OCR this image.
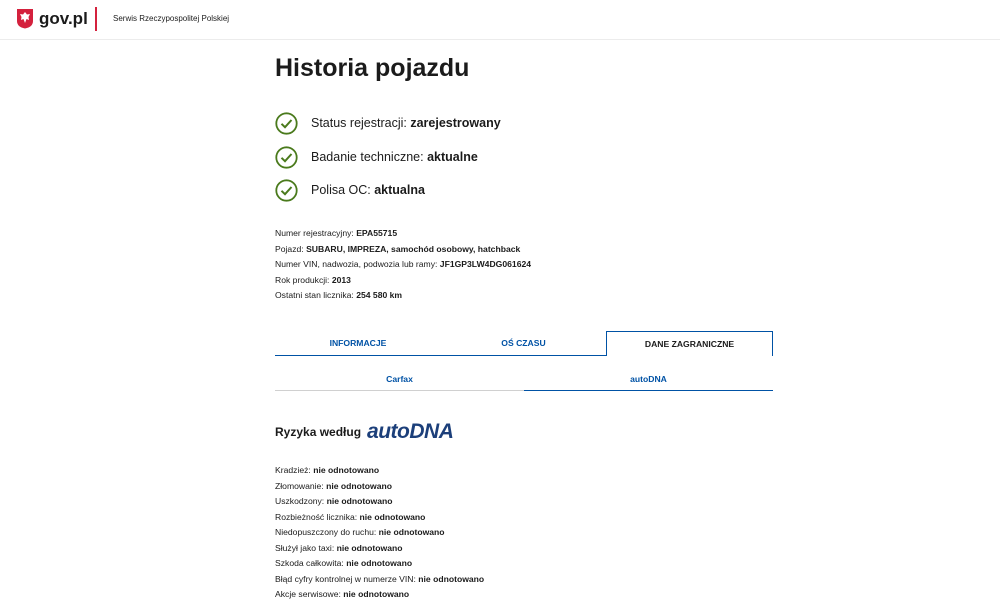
gov.pl	Serwis Rzeczypospolitej Polskiej
Historia pojazdu
Status rejestracji: zarejestrowany
Badanie techniczne: aktualne
Polisa OC: aktualna
Numer rejestracyjny: EPA55715
Pojazd: SUBARU, IMPREZA, samochód osobowy, hatchback
Numer VIN, nadwozia, podwozia lub ramy: JF1GP3LW4DG061624
Rok produkcji: 2013
Ostatni stan licznika: 254 580 km
INFORMACJE	OŚ CZASU	DANE ZAGRANICZNE
Carfax	autoDNA
Ryzyka według autoDNA
Kradzież: nie odnotowano
Złomowanie: nie odnotowano
Uszkodzony: nie odnotowano
Rozbieżność licznika: nie odnotowano
Niedopuszczony do ruchu: nie odnotowano
Służył jako taxi: nie odnotowano
Szkoda całkowita: nie odnotowano
Błąd cyfry kontrolnej w numerze VIN: nie odnotowano
Akcje serwisowe: nie odnotowano
